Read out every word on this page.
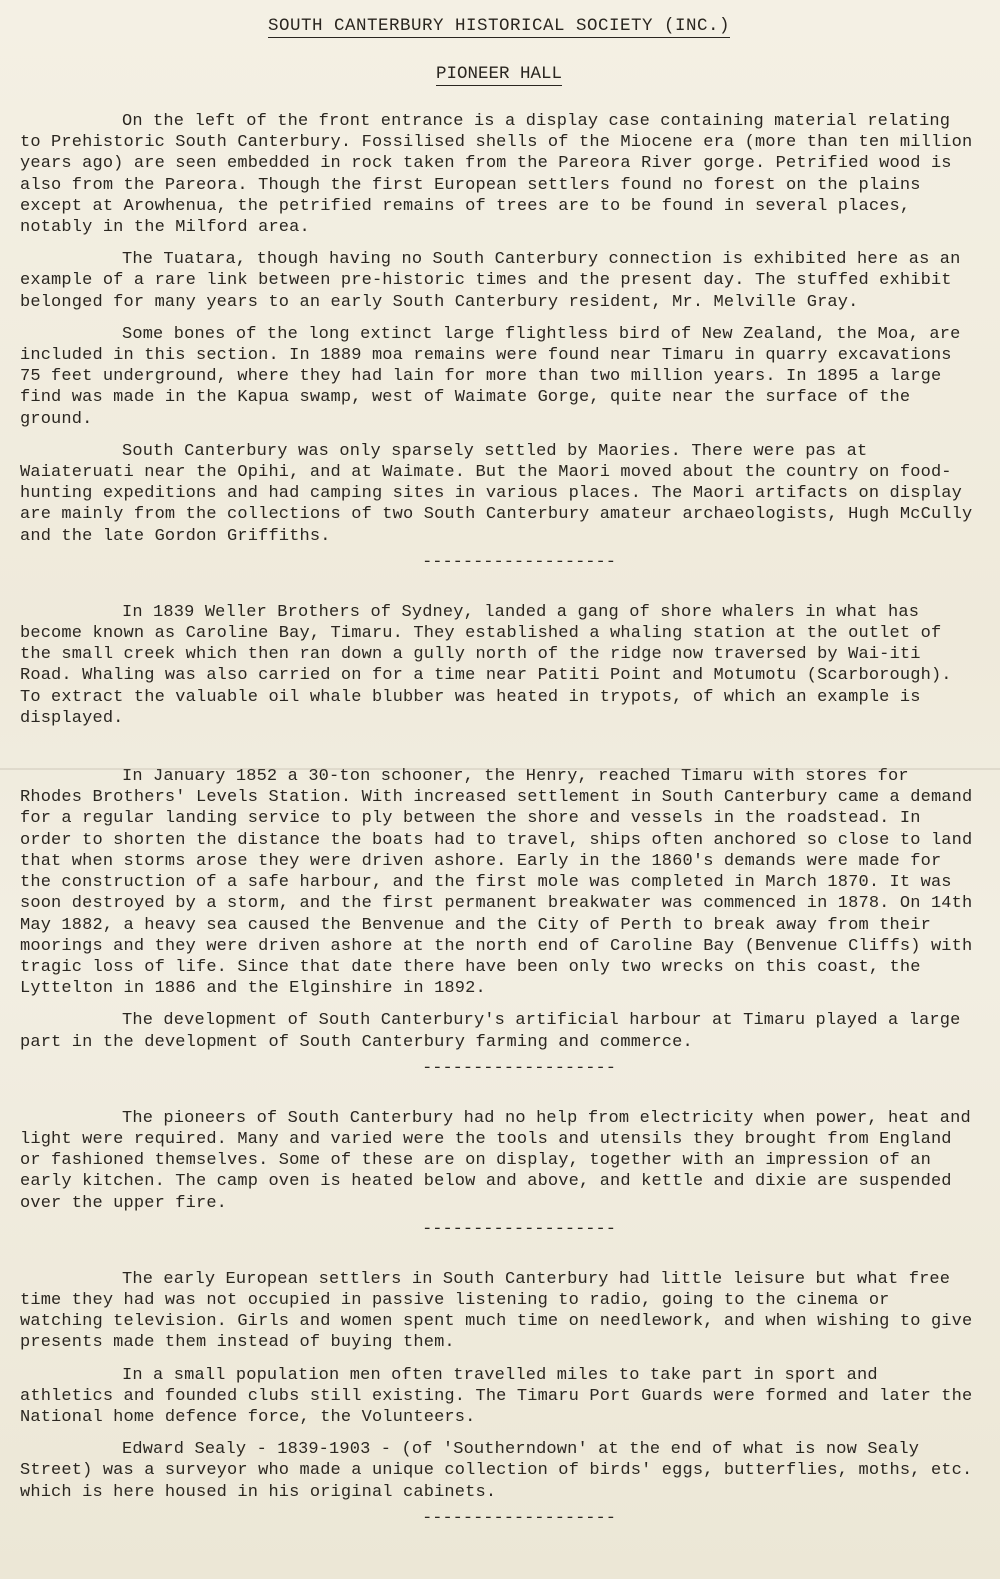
SOUTH CANTERBURY HISTORICAL SOCIETY (INC.)
PIONEER HALL

On the left of the front entrance is a display case containing material relating to Prehistoric South Canterbury. Fossilised shells of the Miocene era (more than ten million years ago) are seen embedded in rock taken from the Pareora River gorge. Petrified wood is also from the Pareora. Though the first European settlers found no forest on the plains except at Arowhenua, the petrified remains of trees are to be found in several places, notably in the Milford area.

The Tuatara, though having no South Canterbury connection is exhibited here as an example of a rare link between pre-historic times and the present day. The stuffed exhibit belonged for many years to an early South Canterbury resident, Mr. Melville Gray.

Some bones of the long extinct large flightless bird of New Zealand, the Moa, are included in this section. In 1889 moa remains were found near Timaru in quarry excavations 75 feet underground, where they had lain for more than two million years. In 1895 a large find was made in the Kapua swamp, west of Waimate Gorge, quite near the surface of the ground.

South Canterbury was only sparsely settled by Maories. There were pas at Waiateruati near the Opihi, and at Waimate. But the Maori moved about the country on food-hunting expeditions and had camping sites in various places. The Maori artifacts on display are mainly from the collections of two South Canterbury amateur archaeologists, Hugh McCully and the late Gordon Griffiths.

-------------------

In 1839 Weller Brothers of Sydney, landed a gang of shore whalers in what has become known as Caroline Bay, Timaru. They established a whaling station at the outlet of the small creek which then ran down a gully north of the ridge now traversed by Wai-iti Road. Whaling was also carried on for a time near Patiti Point and Motumotu (Scarborough). To extract the valuable oil whale blubber was heated in trypots, of which an example is displayed.

In January 1852 a 30-ton schooner, the Henry, reached Timaru with stores for Rhodes Brothers' Levels Station. With increased settlement in South Canterbury came a demand for a regular landing service to ply between the shore and vessels in the roadstead. In order to shorten the distance the boats had to travel, ships often anchored so close to land that when storms arose they were driven ashore. Early in the 1860's demands were made for the construction of a safe harbour, and the first mole was completed in March 1870. It was soon destroyed by a storm, and the first permanent breakwater was commenced in 1878. On 14th May 1882, a heavy sea caused the Benvenue and the City of Perth to break away from their moorings and they were driven ashore at the north end of Caroline Bay (Benvenue Cliffs) with tragic loss of life. Since that date there have been only two wrecks on this coast, the Lyttelton in 1886 and the Elginshire in 1892.

The development of South Canterbury's artificial harbour at Timaru played a large part in the development of South Canterbury farming and commerce.

-------------------

The pioneers of South Canterbury had no help from electricity when power, heat and light were required. Many and varied were the tools and utensils they brought from England or fashioned themselves. Some of these are on display, together with an impression of an early kitchen. The camp oven is heated below and above, and kettle and dixie are suspended over the upper fire.

-------------------

The early European settlers in South Canterbury had little leisure but what free time they had was not occupied in passive listening to radio, going to the cinema or watching television. Girls and women spent much time on needlework, and when wishing to give presents made them instead of buying them.

In a small population men often travelled miles to take part in sport and athletics and founded clubs still existing. The Timaru Port Guards were formed and later the National home defence force, the Volunteers.

Edward Sealy - 1839-1903 - (of 'Southerndown' at the end of what is now Sealy Street) was a surveyor who made a unique collection of birds' eggs, butterflies, moths, etc. which is here housed in his original cabinets.

-------------------
